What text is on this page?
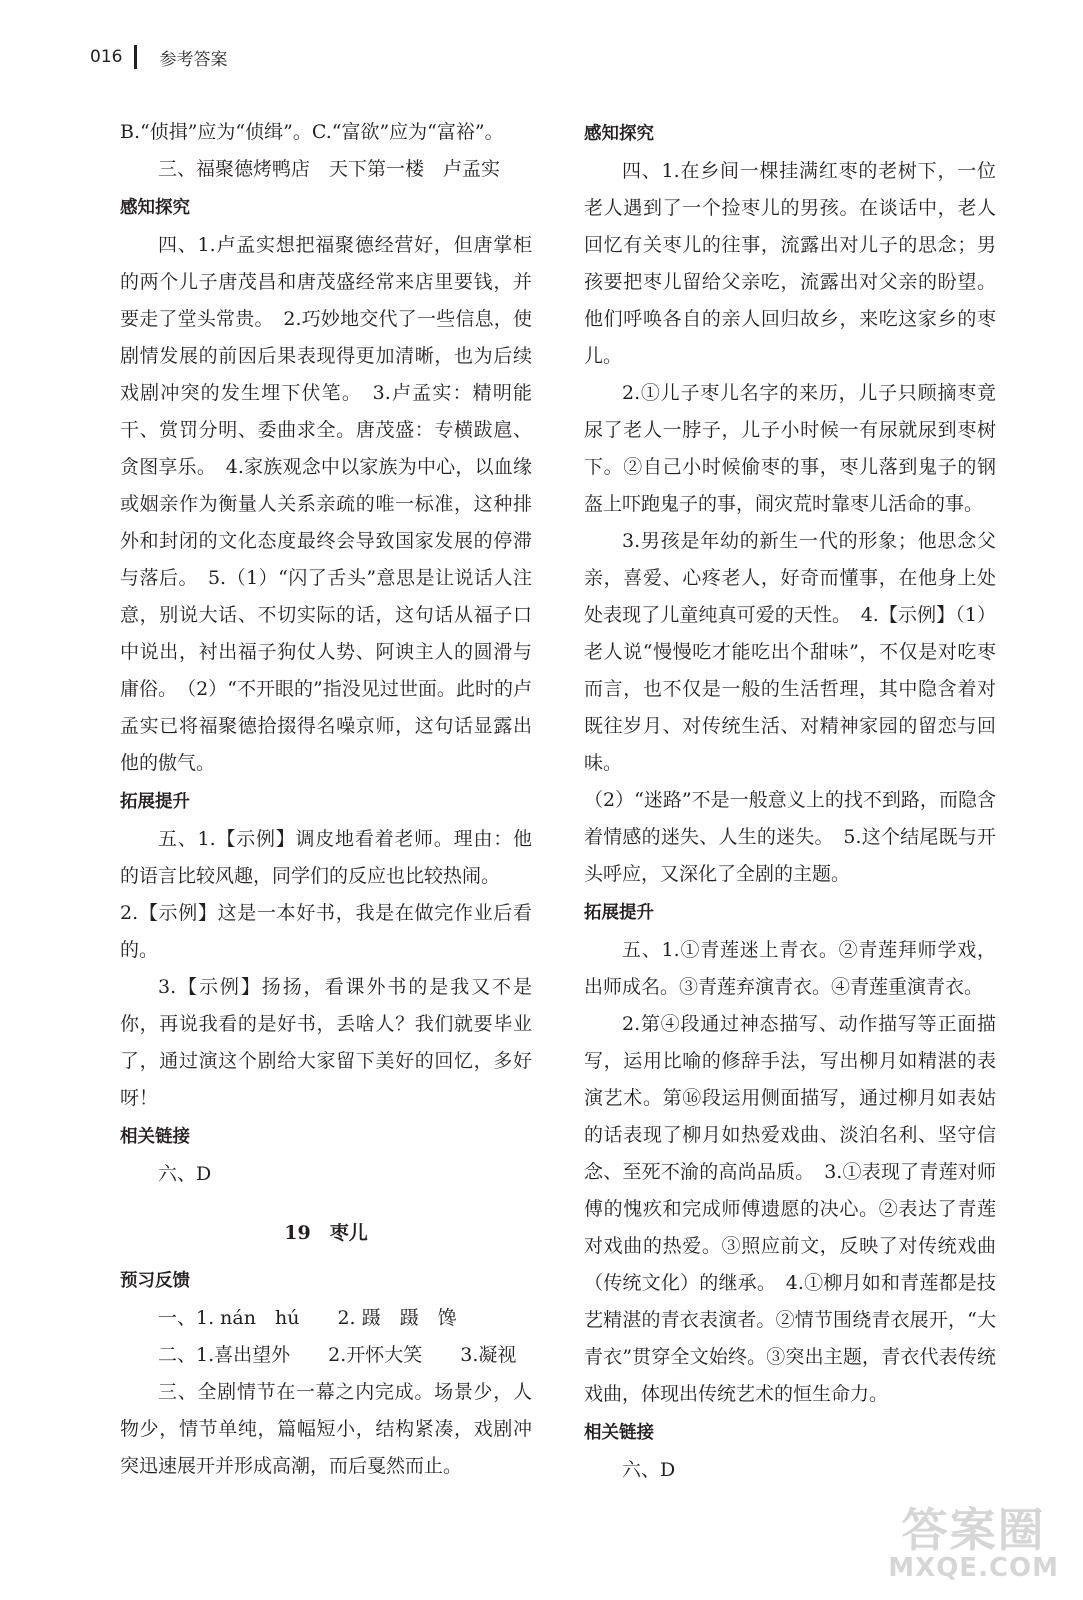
016 参考答案

B.“侦揖”应为“侦缉”。C.“富欲”应为“富裕”。

三、福聚德烤鸭店　天下第一楼　卢孟实

感知探究

四、1.卢孟实想把福聚德经营好，但唐掌柜的两个儿子唐茂昌和唐茂盛经常来店里要钱，并要走了堂头常贵。　2.巧妙地交代了一些信息，使剧情发展的前因后果表现得更加清晰，也为后续戏剧冲突的发生埋下伏笔。　3.卢孟实：精明能干、赏罚分明、委曲求全。唐茂盛：专横跋扈、贪图享乐。　4.家族观念中以家族为中心，以血缘或姻亲作为衡量人关系亲疏的唯一标准，这种排外和封闭的文化态度最终会导致国家发展的停滞与落后。　5.（1）“闪了舌头”意思是让说话人注意，别说大话、不切实际的话，这句话从福子口中说出，衬出福子狗仗人势、阿谀主人的圆滑与庸俗。　（2）“不开眼的”指没见过世面。此时的卢孟实已将福聚德拾掇得名噪京师，这句话显露出他的傲气。

拓展提升

五、1.【示例】调皮地看着老师。理由：他的语言比较风趣，同学们的反应也比较热闹。

2.【示例】这是一本好书，我是在做完作业后看的。

3.【示例】扬扬，看课外书的是我又不是你，再说我看的是好书，丢啥人？我们就要毕业了，通过演这个剧给大家留下美好的回忆，多好呀！

相关链接

六、D

19　枣儿
预习反馈

一、1. nán　hú　　2. 蹑　蹑　馋

二、1.喜出望外　　2.开怀大笑　　3.凝视

三、全剧情节在一幕之内完成。场景少，人物少，情节单纯，篇幅短小，结构紧凑，戏剧冲突迅速展开并形成高潮，而后戛然而止。

感知探究

四、1.在乡间一棵挂满红枣的老树下，一位老人遇到了一个捡枣儿的男孩。在谈话中，老人回忆有关枣儿的往事，流露出对儿子的思念；男孩要把枣儿留给父亲吃，流露出对父亲的盼望。他们呼唤各自的亲人回归故乡，来吃这家乡的枣儿。

2.①儿子枣儿名字的来历，儿子只顾摘枣竟尿了老人一脖子，儿子小时候一有尿就尿到枣树下。②自己小时候偷枣的事，枣儿落到鬼子的钢盔上吓跑鬼子的事，闹灾荒时靠枣儿活命的事。

3.男孩是年幼的新生一代的形象；他思念父亲，喜爱、心疼老人，好奇而懂事，在他身上处处表现了儿童纯真可爱的天性。　4.【示例】（1）老人说“慢慢吃才能吃出个甜味”，不仅是对吃枣而言，也不仅是一般的生活哲理，其中隐含着对既往岁月、对传统生活、对精神家园的留恋与回味。

（2）“迷路”不是一般意义上的找不到路，而隐含着情感的迷失、人生的迷失。　5.这个结尾既与开头呼应，又深化了全剧的主题。

拓展提升

五、1.①青莲迷上青衣。②青莲拜师学戏，出师成名。③青莲弃演青衣。④青莲重演青衣。

2.第④段通过神态描写、动作描写等正面描写，运用比喻的修辞手法，写出柳月如精湛的表演艺术。第⑯段运用侧面描写，通过柳月如表姑的话表现了柳月如热爱戏曲、淡泊名利、坚守信念、至死不渝的高尚品质。　3.①表现了青莲对师傅的愧疚和完成师傅遗愿的决心。②表达了青莲对戏曲的热爱。③照应前文，反映了对传统戏曲（传统文化）的继承。　4.①柳月如和青莲都是技艺精湛的青衣表演者。②情节围绕青衣展开，“大青衣”贯穿全文始终。③突出主题，青衣代表传统戏曲，体现出传统艺术的恒生命力。

相关链接

六、D

答案圈
MXQE.COM
